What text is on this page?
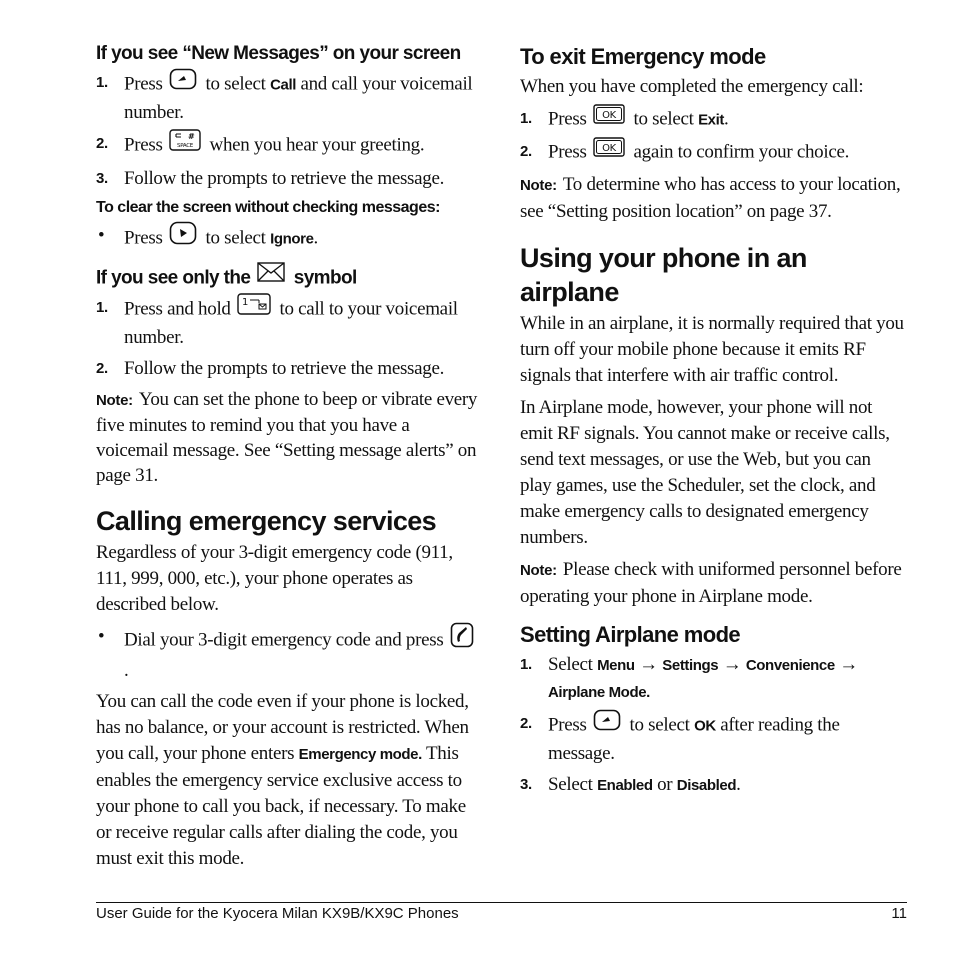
If you see “New Messages” on your screen
1. Press to select Call and call your voicemail number.
2. Press	#
SPACE when you hear your greeting.
3. Follow the prompts to retrieve the message.
To clear the screen without checking messages:
• Press to select Ignore.
If you see only the symbol
1. Press and hold 1 to call to your voicemail number.
2. Follow the prompts to retrieve the message.

Note: You can set the phone to beep or vibrate every five minutes to remind you that you have a voicemail message. See “Setting message alerts” on page 31.

Calling emergency services

Regardless of your 3-digit emergency code (911, 111, 999, 000, etc.), your phone operates as described below.

• Dial your 3-digit emergency code and press .

You can call the code even if your phone is locked, has no balance, or your account is restricted. When you call, your phone enters Emergency mode. This enables the emergency service exclusive access to your phone to call you back, if necessary. To make or receive regular calls after dialing the code, you must exit this mode.

To exit Emergency mode

When you have completed the emergency call:

1. Press OK to select Exit.
2. Press OK again to confirm your choice.

Note: To determine who has access to your location, see “Setting position location” on page 37.

Using your phone in an airplane

While in an airplane, it is normally required that you turn off your mobile phone because it emits RF signals that interfere with air traffic control.

In Airplane mode, however, your phone will not emit RF signals. You cannot make or receive calls, send text messages, or use the Web, but you can play games, use the Scheduler, set the clock, and make emergency calls to designated emergency numbers.

Note: Please check with uniformed personnel before operating your phone in Airplane mode.

Setting Airplane mode
1. Select Menu → Settings → Convenience → Airplane Mode.
2. Press to select OK after reading the message.
3. Select Enabled or Disabled.
User Guide for the Kyocera Milan KX9B/KX9C Phones	11
